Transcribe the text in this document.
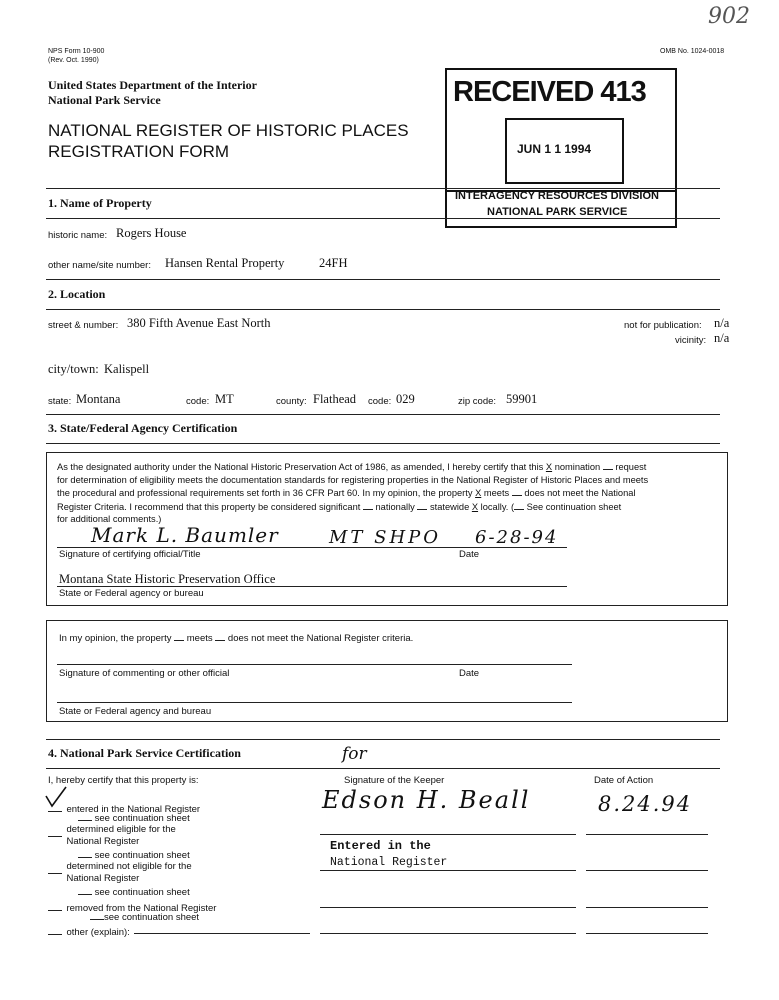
902
NPS Form 10-900
(Rev. Oct. 1990)
OMB No. 1024-0018
United States Department of the Interior
National Park Service
NATIONAL REGISTER OF HISTORIC PLACES
REGISTRATION FORM
RECEIVED 413
JUN 1 1 1994
INTERAGENCY RESOURCES DIVISION
NATIONAL PARK SERVICE
1. Name of Property
historic name: Rogers House
other name/site number: Hansen Rental Property	24FH
2. Location
street & number: 380 Fifth Avenue East North	not for publication: n/a
vicinity: n/a
city/town: Kalispell
state: Montana	code: MT	county: Flathead code: 029	zip code: 59901
3. State/Federal Agency Certification
As the designated authority under the National Historic Preservation Act of 1986, as amended, I hereby certify that this X nomination request
for determination of eligibility meets the documentation standards for registering properties in the National Register of Historic Places and meets
the procedural and professional requirements set forth in 36 CFR Part 60. In my opinion, the property X meets does not meet the National
Register Criteria. I recommend that this property be considered significant nationally statewide X locally. ( See continuation sheet
for additional comments.)
Mark L. Baumler	MT SHPO 6-28-94
Signature of certifying official/Title	Date
Montana State Historic Preservation Office
State or Federal agency or bureau
In my opinion, the property meets does not meet the National Register criteria.
Signature of commenting or other official	Date
State or Federal agency and bureau
4. National Park Service Certification
I, hereby certify that this property is:	Signature of the Keeper	Date of Action
for
Edson H. Beall	8.24.94
Entered in the
National Register
entered in the National Register
see continuation sheet
determined eligible for the National Register
see continuation sheet
determined not eligible for the National Register
see continuation sheet
removed from the National Register
see continuation sheet
other (explain):
